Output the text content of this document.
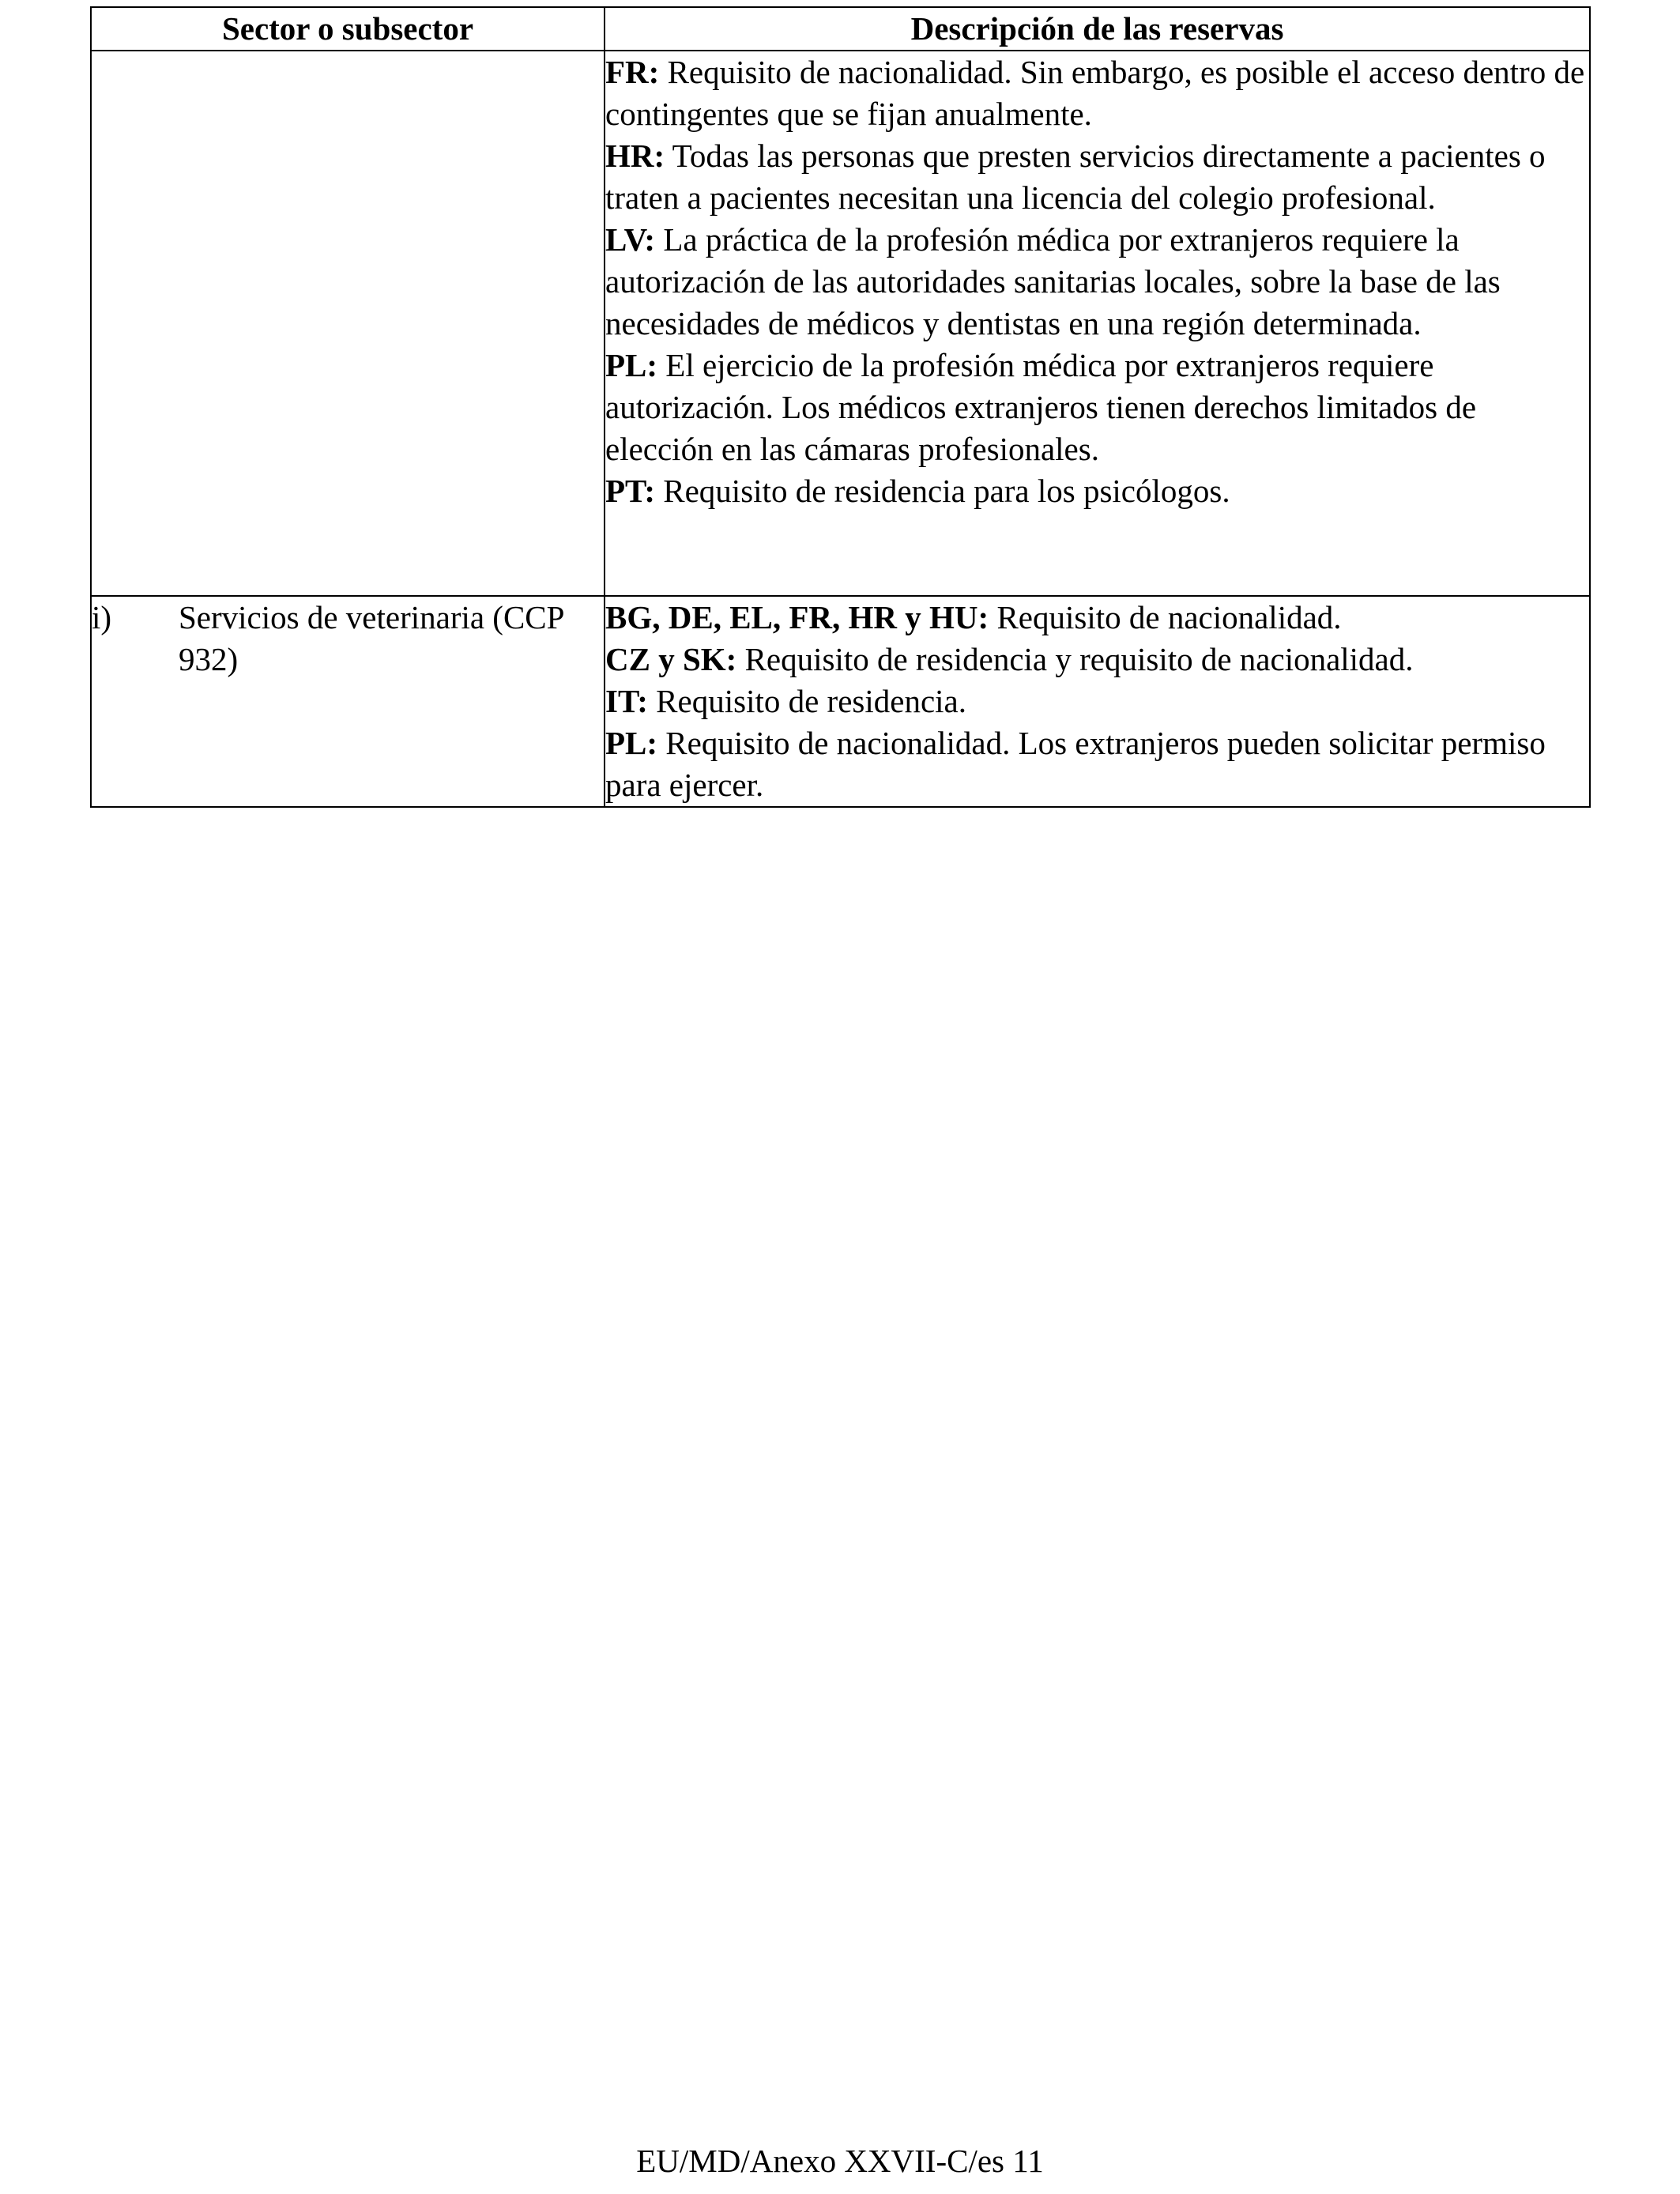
Sector o subsector	Descripción de las reservas

	FR: Requisito de nacionalidad. Sin embargo, es posible el acceso dentro de contingentes que se fijan anualmente.
HR: Todas las personas que presten servicios directamente a pacientes o traten a pacientes necesitan una licencia del colegio profesional.
LV: La práctica de la profesión médica por extranjeros requiere la autorización de las autoridades sanitarias locales, sobre la base de las necesidades de médicos y dentistas en una región determinada.
PL: El ejercicio de la profesión médica por extranjeros requiere autorización. Los médicos extranjeros tienen derechos limitados de elección en las cámaras profesionales.
PT: Requisito de residencia para los psicólogos.

i) Servicios de veterinaria (CCP 932)	BG, DE, EL, FR, HR y HU: Requisito de nacionalidad.
CZ y SK: Requisito de residencia y requisito de nacionalidad.
IT: Requisito de residencia.
PL: Requisito de nacionalidad. Los extranjeros pueden solicitar permiso para ejercer.
EU/MD/Anexo XXVII-C/es 11
